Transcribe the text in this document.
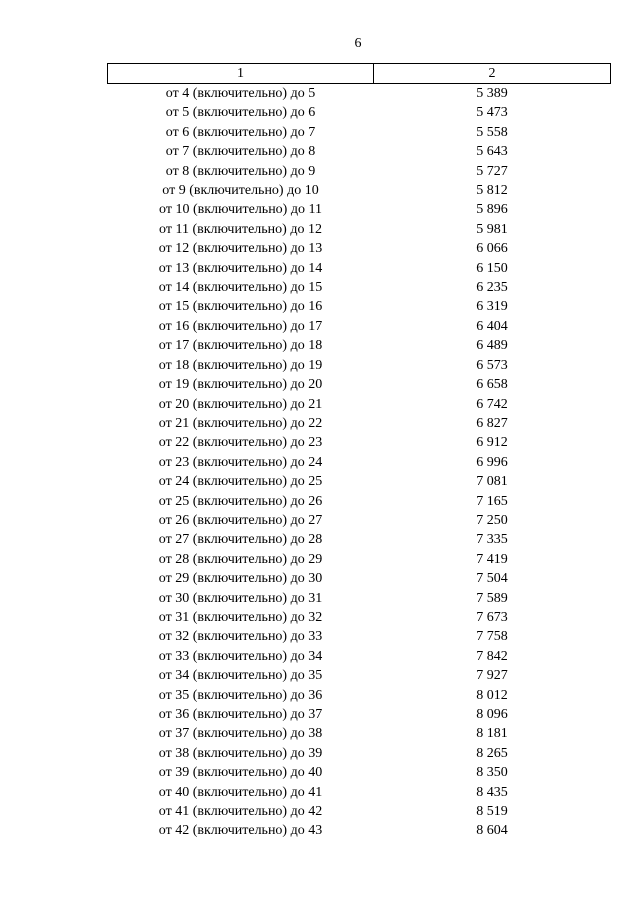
6
1	2
от 4 (включительно) до 5	5 389
от 5 (включительно) до 6	5 473
от 6 (включительно) до 7	5 558
от 7 (включительно) до 8	5 643
от 8 (включительно) до 9	5 727
от 9 (включительно) до 10	5 812
от 10 (включительно) до 11	5 896
от 11 (включительно) до 12	5 981
от 12 (включительно) до 13	6 066
от 13 (включительно) до 14	6 150
от 14 (включительно) до 15	6 235
от 15 (включительно) до 16	6 319
от 16 (включительно) до 17	6 404
от 17 (включительно) до 18	6 489
от 18 (включительно) до 19	6 573
от 19 (включительно) до 20	6 658
от 20 (включительно) до 21	6 742
от 21 (включительно) до 22	6 827
от 22 (включительно) до 23	6 912
от 23 (включительно) до 24	6 996
от 24 (включительно) до 25	7 081
от 25 (включительно) до 26	7 165
от 26 (включительно) до 27	7 250
от 27 (включительно) до 28	7 335
от 28 (включительно) до 29	7 419
от 29 (включительно) до 30	7 504
от 30 (включительно) до 31	7 589
от 31 (включительно) до 32	7 673
от 32 (включительно) до 33	7 758
от 33 (включительно) до 34	7 842
от 34 (включительно) до 35	7 927
от 35 (включительно) до 36	8 012
от 36 (включительно) до 37	8 096
от 37 (включительно) до 38	8 181
от 38 (включительно) до 39	8 265
от 39 (включительно) до 40	8 350
от 40 (включительно) до 41	8 435
от 41 (включительно) до 42	8 519
от 42 (включительно) до 43	8 604
